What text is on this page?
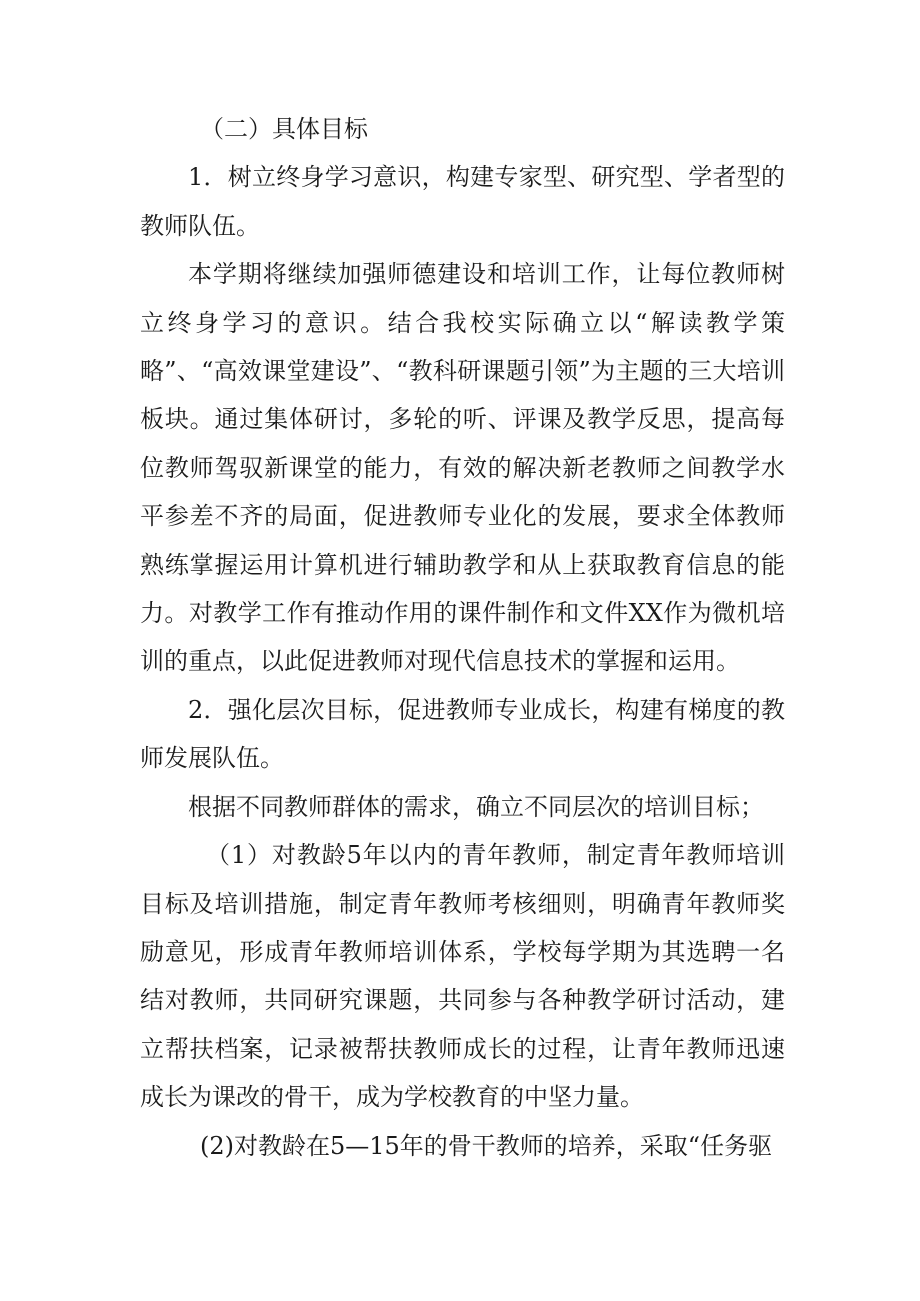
（二）具体目标

1．树立终身学习意识，构建专家型、研究型、学者型的教师队伍。

本学期将继续加强师德建设和培训工作，让每位教师树立终身学习的意识。结合我校实际确立以“解读教学策略”、“高效课堂建设”、“教科研课题引领”为主题的三大培训板块。通过集体研讨，多轮的听、评课及教学反思，提高每位教师驾驭新课堂的能力，有效的解决新老教师之间教学水平参差不齐的局面，促进教师专业化的发展，要求全体教师熟练掌握运用计算机进行辅助教学和从上获取教育信息的能力。对教学工作有推动作用的课件制作和文件XX作为微机培训的重点，以此促进教师对现代信息技术的掌握和运用。

2．强化层次目标，促进教师专业成长，构建有梯度的教师发展队伍。

根据不同教师群体的需求，确立不同层次的培训目标；

（1）对教龄5年以内的青年教师，制定青年教师培训目标及培训措施，制定青年教师考核细则，明确青年教师奖励意见，形成青年教师培训体系，学校每学期为其选聘一名结对教师，共同研究课题，共同参与各种教学研讨活动，建立帮扶档案，记录被帮扶教师成长的过程，让青年教师迅速成长为课改的骨干，成为学校教育的中坚力量。

(2)对教龄在5—15年的骨干教师的培养，采取“任务驱
